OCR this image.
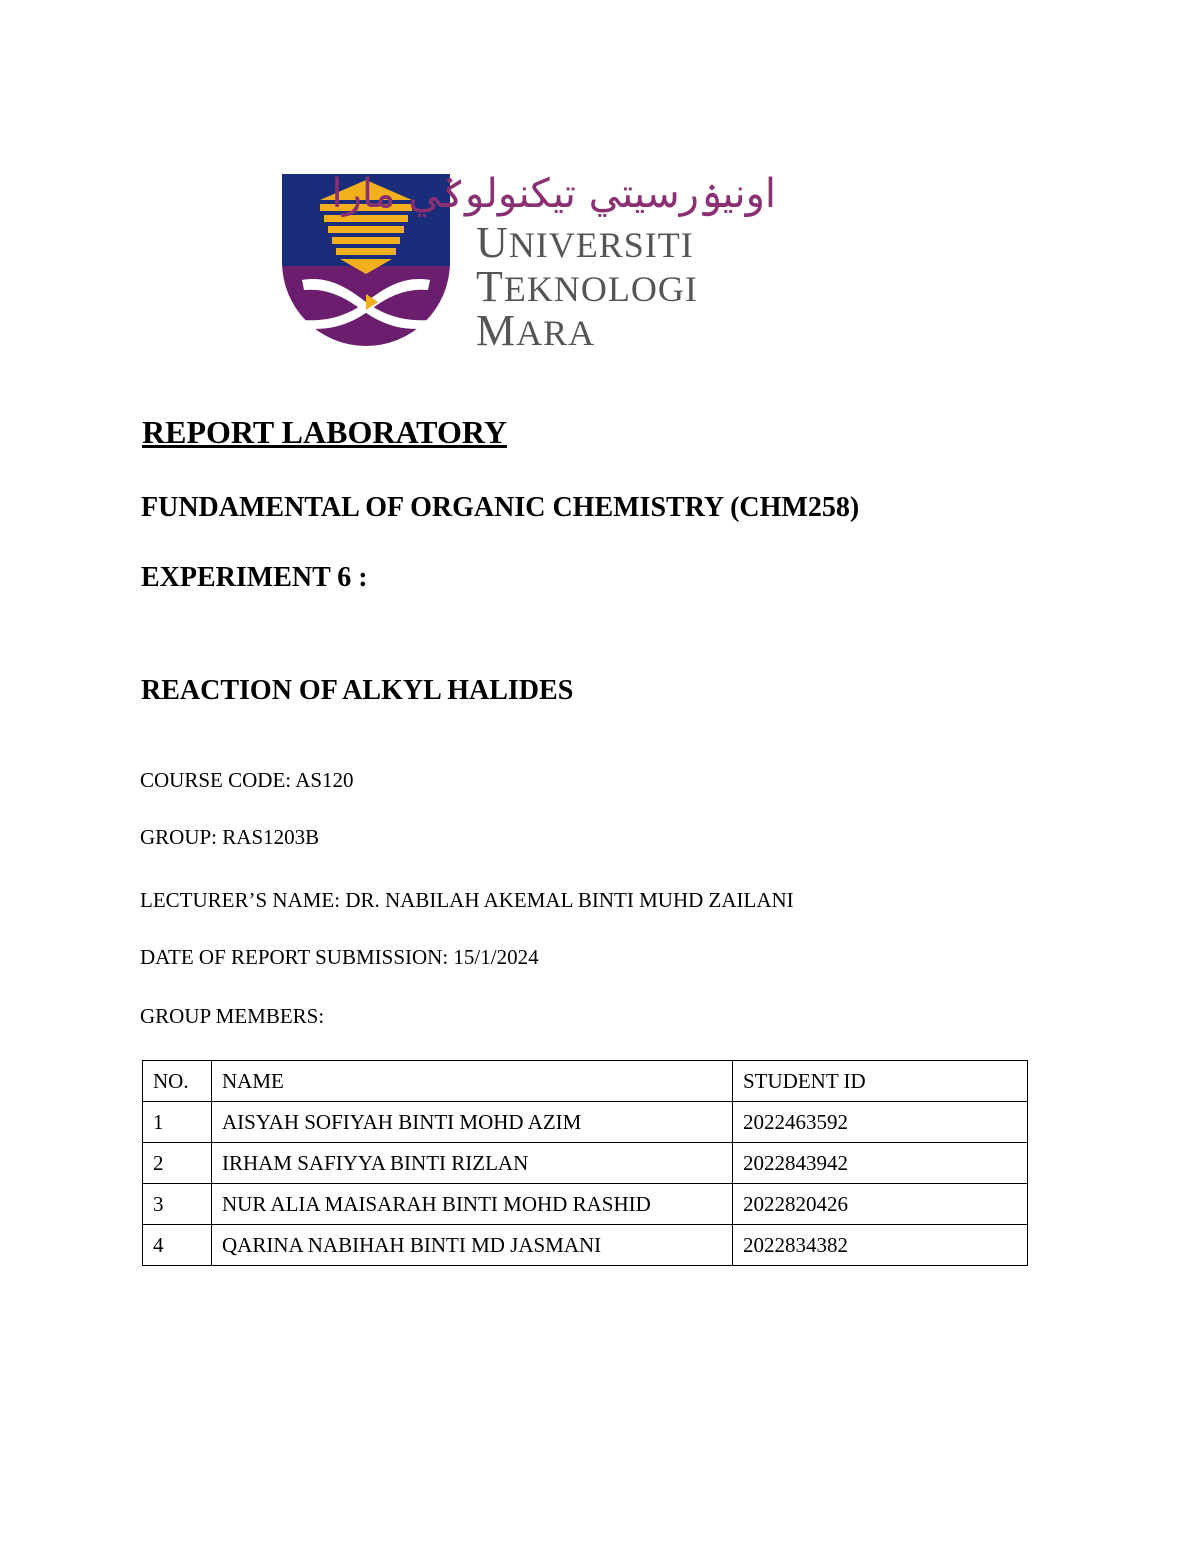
اونيۏرسيتي تيكنولوݢي مارا
UNIVERSITI
TEKNOLOGI
MARA
REPORT LABORATORY
FUNDAMENTAL OF ORGANIC CHEMISTRY (CHM258)
EXPERIMENT 6 :
REACTION OF ALKYL HALIDES

COURSE CODE: AS120

GROUP: RAS1203B

LECTURER’S NAME: DR. NABILAH AKEMAL BINTI MUHD ZAILANI

DATE OF REPORT SUBMISSION: 15/1/2024

GROUP MEMBERS:

NO.	NAME	STUDENT ID
1	AISYAH SOFIYAH BINTI MOHD AZIM	2022463592
2	IRHAM SAFIYYA BINTI RIZLAN	2022843942
3	NUR ALIA MAISARAH BINTI MOHD RASHID	2022820426
4	QARINA NABIHAH BINTI MD JASMANI	2022834382
